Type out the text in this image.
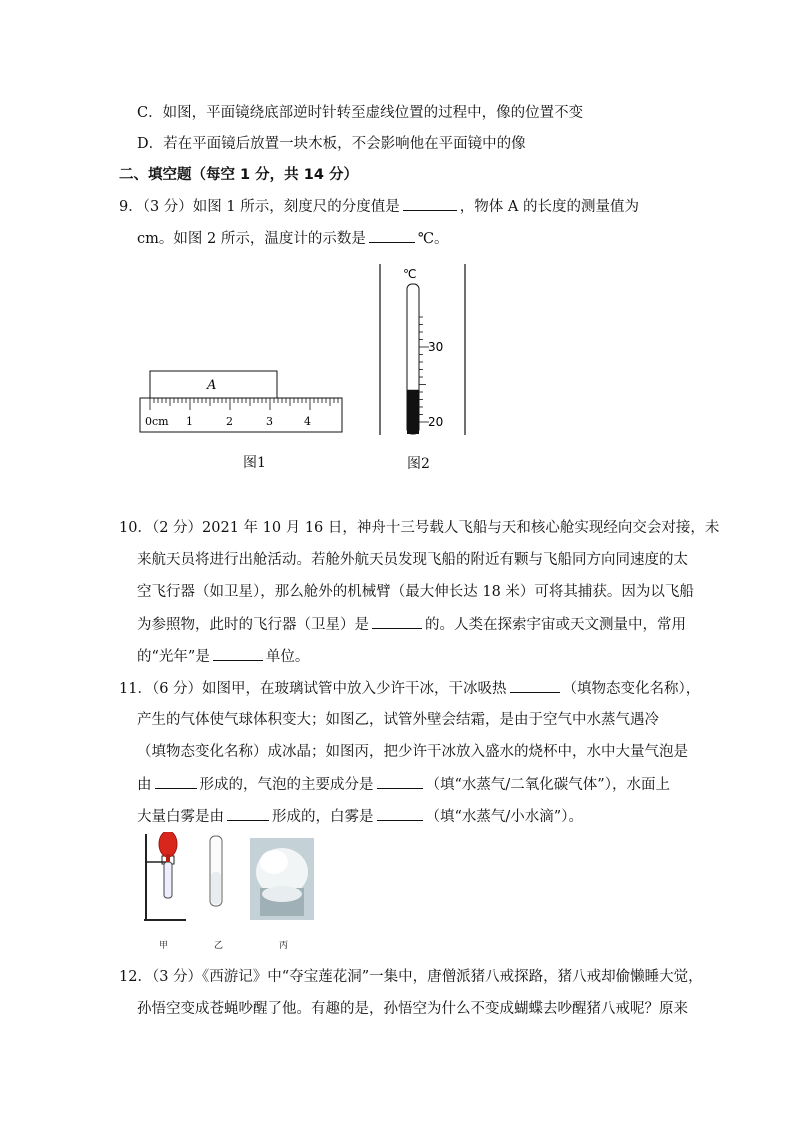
C．如图，平面镜绕底部逆时针转至虚线位置的过程中，像的位置不变
D．若在平面镜后放置一块木板，不会影响他在平面镜中的像
二、填空题（每空 1 分，共 14 分）
9．（3 分）如图 1 所示，刻度尺的分度值是	，物体 A 的长度的测量值为
cm。如图 2 所示，温度计的示数是	℃。
A
0cm 1	2	3	4
图1
℃
30
20
图2
10．（2 分）2021 年 10 月 16 日，神舟十三号载人飞船与天和核心舱实现经向交会对接，未
来航天员将进行出舱活动。若舱外航天员发现飞船的附近有颗与飞船同方向同速度的太
空飞行器（如卫星），那么舱外的机械臂（最大伸长达 18 米）可将其捕获。因为以飞船
为参照物，此时的飞行器（卫星）是	的。人类在探索宇宙或天文测量中，常用
的“光年”是	单位。
11．（6 分）如图甲，在玻璃试管中放入少许干冰，干冰吸热	（填物态变化名称），
产生的气体使气球体积变大；如图乙，试管外壁会结霜，是由于空气中水蒸气遇冷
（填物态变化名称）成冰晶；如图丙，把少许干冰放入盛水的烧杯中，水中大量气泡是
由	形成的，气泡的主要成分是	（填“水蒸气/二氧化碳气体”），水面上
大量白雾是由	形成的，白雾是	（填“水蒸气/小水滴”）。
甲	乙	丙
12．（3 分）《西游记》中“夺宝莲花洞”一集中，唐僧派猪八戒探路，猪八戒却偷懒睡大觉，
孙悟空变成苍蝇吵醒了他。有趣的是，孙悟空为什么不变成蝴蝶去吵醒猪八戒呢？原来
